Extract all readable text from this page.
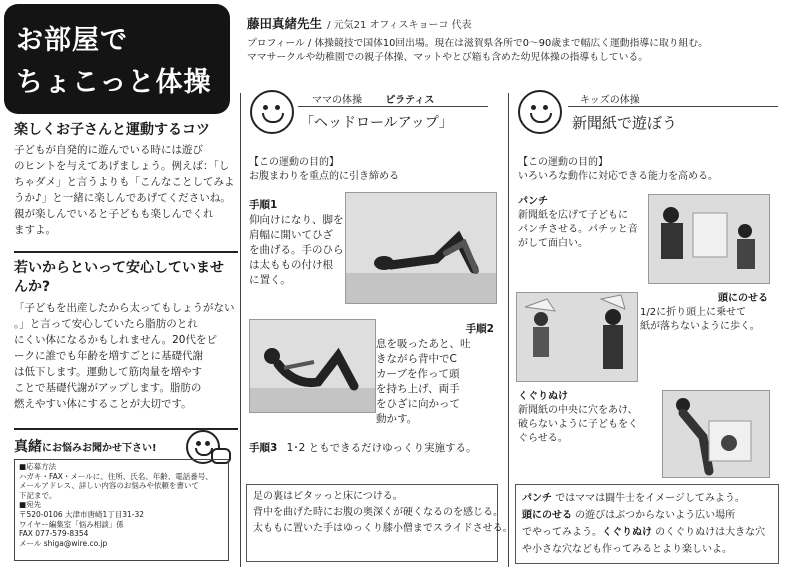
お部屋で
ちょこっと体操
藤田真緒先生 / 元気21 オフィスキョーコ 代表
プロフィール / 体操競技で国体10回出場。現在は滋賀県各所で0〜90歳まで幅広く運動指導に取り組む。
ママサークルや幼稚園での親子体操、マットやとび箱も含めた幼児体操の指導もしている。
楽しくお子さんと運動するコツ
子どもが自発的に遊んでいる時には遊び
のヒントを与えてあげましょう。例えば：「し
ちゃダメ」と言うよりも「こんなことしてみよ
うか♪」と一緒に楽しんであげてくださいね。
親が楽しんでいると子どもも楽しんでくれ
ますよ。
若いからといって安心していませ
んか?
「子どもを出産したから太ってもしょうがない
。」と言って安心していたら脂肪のとれ
にくい体になるかもしれません。20代をピ
ークに誰でも年齢を増すごとに基礎代謝
は低下します。運動して筋肉量を増やす
ことで基礎代謝がアップします。脂肪の
燃えやすい体にすることが大切です。
真緒にお悩みお聞かせ下さい!
■応募方法
ハガキ・FAX・メールに、住所、氏名、年齢、電話番号、
メールアドレス、詳しい内容のお悩みや依頼を書いて
下記まで。
■宛先
〒520-0106 大津市唐崎1丁目31-32
ワイヤー編集室「悩み相談」係
FAX 077-579-8354
メール shiga@wire.co.jp
ママの体操 ピラティス
「ヘッドロールアップ」
【この運動の目的】
お腹まわりを重点的に引き締める
手順1
仰向けになり、脚を
肩幅に開いてひざ
を曲げる。手のひら
は太ももの付け根
に置く。
手順2
息を吸ったあと、吐
きながら背中でC
カーブを作って頭
を持ち上げ、両手
をひざに向かって
動かす。
手順3 1･2 ともできるだけゆっくり実施する。
足の裏はピタッっと床につける。
背中を曲げた時にお腹の奥深くが硬くなるのを感じる。
太ももに置いた手はゆっくり膝小僧までスライドさせる。
キッズの体操
新聞紙で遊ぼう
【この運動の目的】
いろいろな動作に対応できる能力を高める。
パンチ
新聞紙を広げて子どもに
パンチさせる。パチッと音
がして面白い。
頭にのせる
1/2に折り頭上に乗せて
紙が落ちないように歩く。
くぐりぬけ
新聞紙の中央に穴をあけ、
破らないように子どもをく
ぐらせる。
パンチ ではママは闘牛士をイメージしてみよう。
頭にのせる の遊びはぶつからないよう広い場所
でやってみよう。くぐりぬけ のくぐりぬけは大きな穴
や小さな穴なども作ってみるとより楽しいよ。
